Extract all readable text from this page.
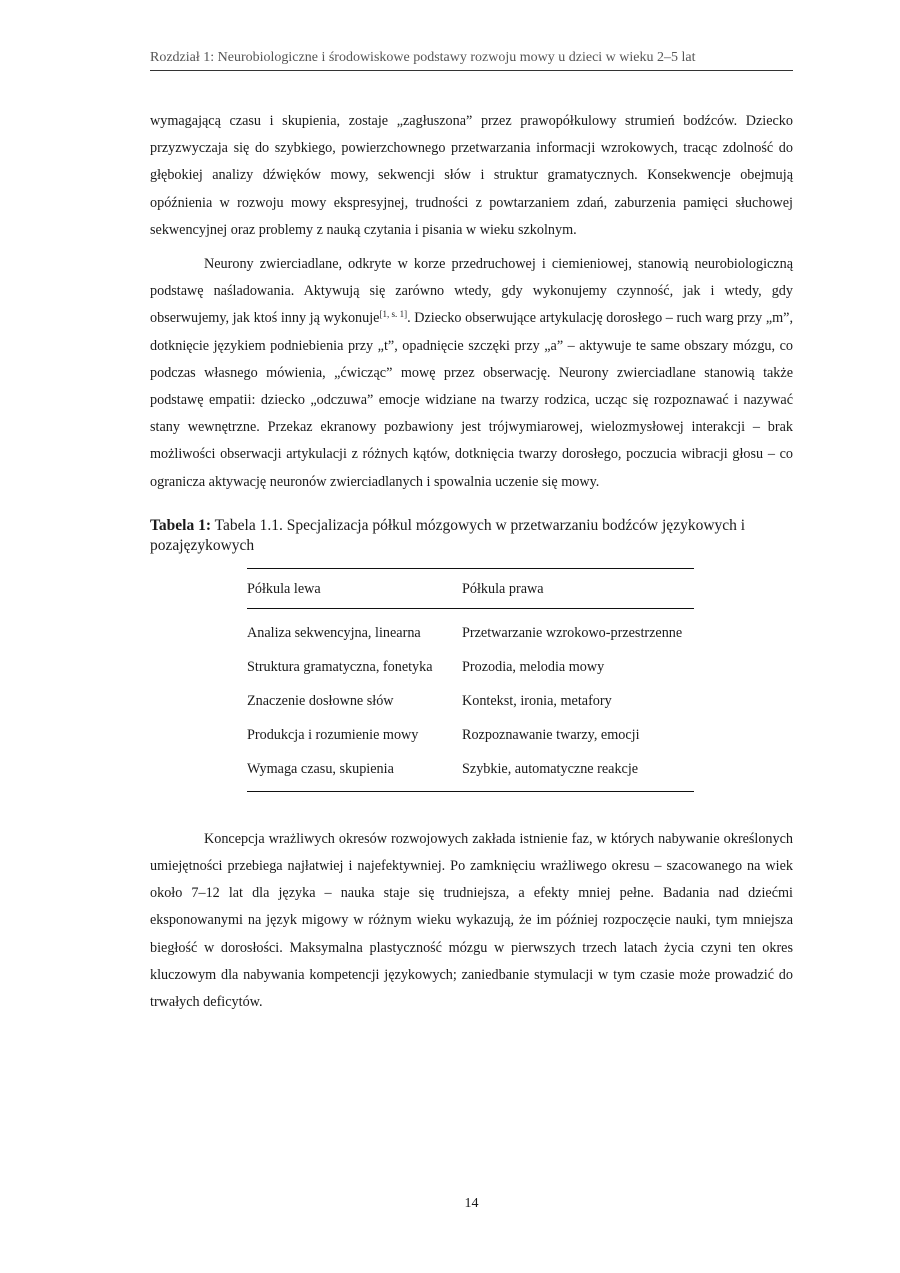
Rozdział 1: Neurobiologiczne i środowiskowe podstawy rozwoju mowy u dzieci w wieku 2–5 lat

wymagającą czasu i skupienia, zostaje „zagłuszona” przez prawopółkulowy strumień bodźców. Dziecko przyzwyczaja się do szybkiego, powierzchownego przetwarzania informacji wzrokowych, tracąc zdolność do głębokiej analizy dźwięków mowy, sekwencji słów i struktur gramatycznych. Konsekwencje obejmują opóźnienia w rozwoju mowy ekspresyjnej, trudności z powtarzaniem zdań, zaburzenia pamięci słuchowej sekwencyjnej oraz problemy z nauką czytania i pisania w wieku szkolnym.

Neurony zwierciadlane, odkryte w korze przedruchowej i ciemieniowej, stanowią neurobiologiczną podstawę naśladowania. Aktywują się zarówno wtedy, gdy wykonujemy czynność, jak i wtedy, gdy obserwujemy, jak ktoś inny ją wykonuje[1, s. 1]. Dziecko obserwujące artykulację dorosłego – ruch warg przy „m”, dotknięcie językiem podniebienia przy „t”, opadnięcie szczęki przy „a” – aktywuje te same obszary mózgu, co podczas własnego mówienia, „ćwicząc” mowę przez obserwację. Neurony zwierciadlane stanowią także podstawę empatii: dziecko „odczuwa” emocje widziane na twarzy rodzica, ucząc się rozpoznawać i nazywać stany wewnętrzne. Przekaz ekranowy pozbawiony jest trójwymiarowej, wielozmysłowej interakcji – brak możliwości obserwacji artykulacji z różnych kątów, dotknięcia twarzy dorosłego, poczucia wibracji głosu – co ogranicza aktywację neuronów zwierciadlanych i spowalnia uczenie się mowy.

Tabela 1: Tabela 1.1. Specjalizacja półkul mózgowych w przetwarzaniu bodźców językowych i pozajęzykowych
Półkula lewa	Półkula prawa
Analiza sekwencyjna, linearna	Przetwarzanie wzrokowo-przestrzenne
Struktura gramatyczna, fonetyka	Prozodia, melodia mowy
Znaczenie dosłowne słów	Kontekst, ironia, metafory
Produkcja i rozumienie mowy	Rozpoznawanie twarzy, emocji
Wymaga czasu, skupienia	Szybkie, automatyczne reakcje

Koncepcja wrażliwych okresów rozwojowych zakłada istnienie faz, w których nabywanie określonych umiejętności przebiega najłatwiej i najefektywniej. Po zamknięciu wrażliwego okresu – szacowanego na wiek około 7–12 lat dla języka – nauka staje się trudniejsza, a efekty mniej pełne. Badania nad dziećmi eksponowanymi na język migowy w różnym wieku wykazują, że im później rozpoczęcie nauki, tym mniejsza biegłość w dorosłości. Maksymalna plastyczność mózgu w pierwszych trzech latach życia czyni ten okres kluczowym dla nabywania kompetencji językowych; zaniedbanie stymulacji w tym czasie może prowadzić do trwałych deficytów.

14
